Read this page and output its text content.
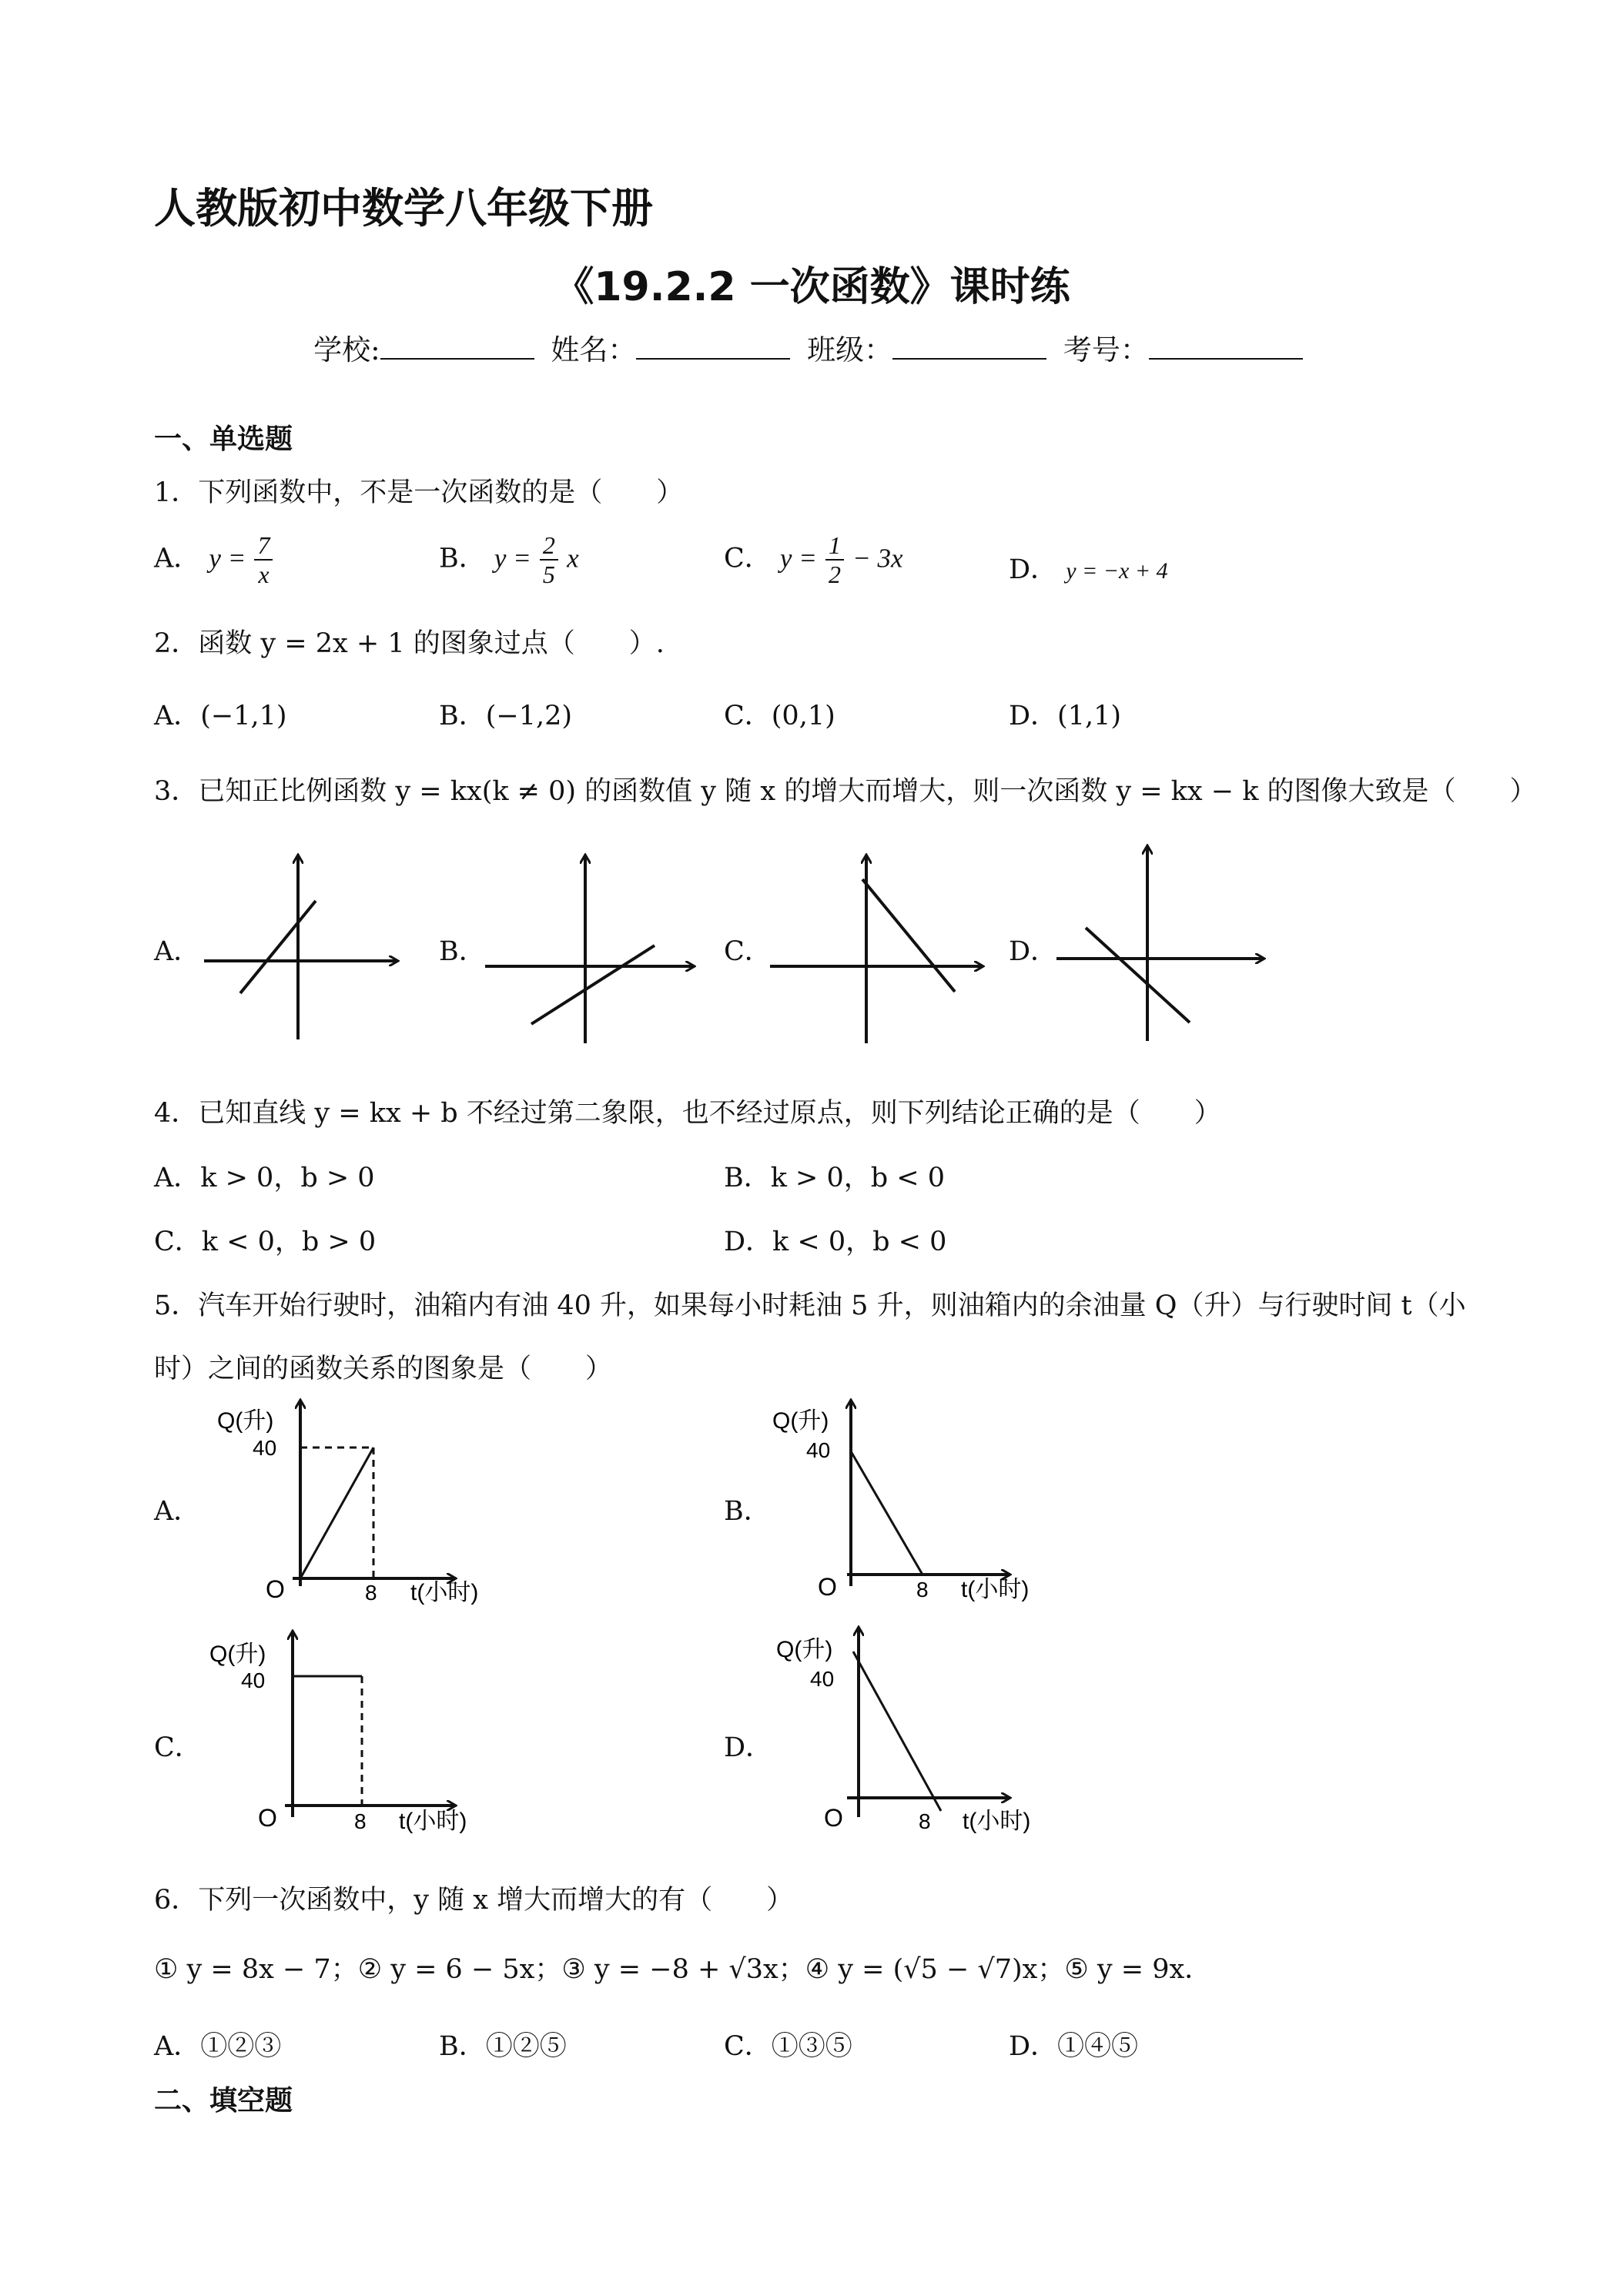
人教版初中数学八年级下册
《19.2.2 一次函数》课时练
学校:	姓名：	班级：	考号：
一、单选题
1．下列函数中，不是一次函数的是（　　）
A． $y = \frac{7}{x}$	B． $y = \frac{2}{5}$ x	C． $y = \frac{1}{2} - 3x$	D． y = −x + 4
2．函数 y = 2x + 1 的图象过点（　　）.
A．(−1,1)	B．(−1,2)	C．(0,1)	D．(1,1)
3．已知正比例函数 y = kx(k ≠ 0) 的函数值 y 随 x 的增大而增大，则一次函数 y = kx − k 的图像大致是（　　）
A．	B．	C．	D．
4．已知直线 y = kx + b 不经过第二象限，也不经过原点，则下列结论正确的是（　　）
A．k > 0，b > 0	B．k > 0，b < 0
C．k < 0，b > 0	D．k < 0，b < 0
5．汽车开始行驶时，油箱内有油 40 升，如果每小时耗油 5 升，则油箱内的余油量 Q（升）与行驶时间 t（小
时）之间的函数关系的图象是（　　）
A．	B．
C．	D．
Q(升)
40
O	8 t(小时)
Q(升)
40
O	8 t(小时)
Q(升)
40
O	8 t(小时)
Q(升)
40
O	8 t(小时)
6．下列一次函数中，y 随 x 增大而增大的有（　　）
① y = 8x − 7；② y = 6 − 5x；③ y = −8 + √3x；④ y = (√5 − √7)x；⑤ y = 9x．
A．①②③	B．①②⑤	C．①③⑤	D．①④⑤
二、填空题
